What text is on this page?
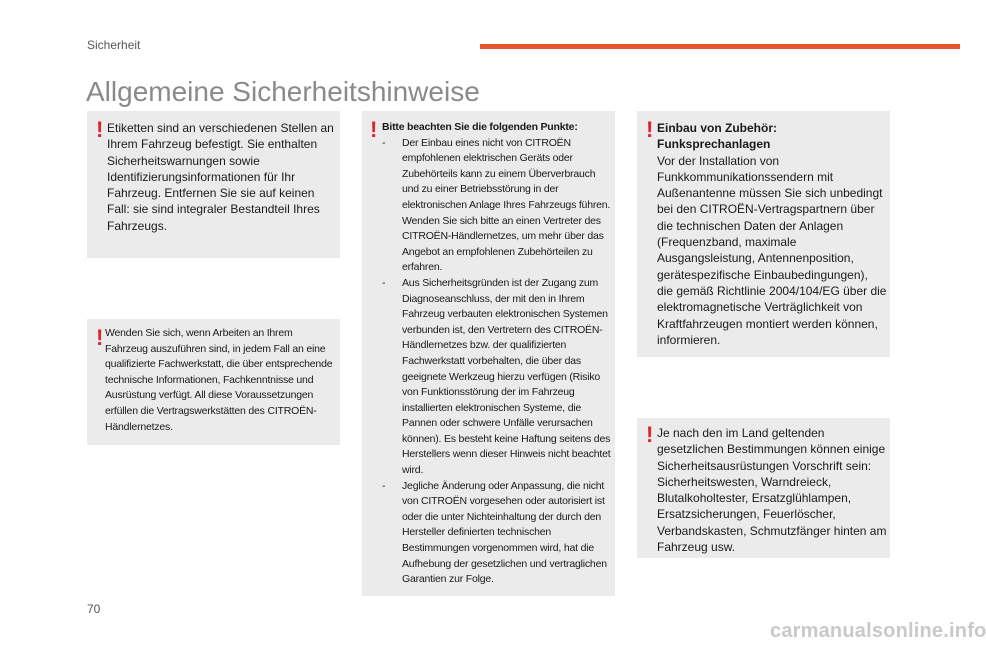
Sicherheit
Allgemeine Sicherheitshinweise
! Etiketten sind an verschiedenen Stellen an Ihrem Fahrzeug befestigt. Sie enthalten Sicherheitswarnungen sowie Identifizierungsinformationen für Ihr Fahrzeug. Entfernen Sie sie auf keinen Fall: sie sind integraler Bestandteil Ihres Fahrzeugs.
! Wenden Sie sich, wenn Arbeiten an Ihrem Fahrzeug auszuführen sind, in jedem Fall an eine qualifizierte Fachwerkstatt, die über entsprechende technische Informationen, Fachkenntnisse und Ausrüstung verfügt. All diese Voraussetzungen erfüllen die Vertragswerkstätten des CITROËN-Händlernetzes.
! Bitte beachten Sie die folgenden Punkte:
-	Der Einbau eines nicht von CITROËN empfohlenen elektrischen Geräts oder Zubehörteils kann zu einem Überverbrauch und zu einer Betriebsstörung in der elektronischen Anlage Ihres Fahrzeugs führen. Wenden Sie sich bitte an einen Vertreter des CITROËN-Händlernetzes, um mehr über das Angebot an empfohlenen Zubehörteilen zu erfahren.
-	Aus Sicherheitsgründen ist der Zugang zum Diagnoseanschluss, der mit den in Ihrem Fahrzeug verbauten elektronischen Systemen verbunden ist, den Vertretern des CITROËN-Händlernetzes bzw. der qualifizierten Fachwerkstatt vorbehalten, die über das geeignete Werkzeug hierzu verfügen (Risiko von Funktionsstörung der im Fahrzeug installierten elektronischen Systeme, die Pannen oder schwere Unfälle verursachen können). Es besteht keine Haftung seitens des Herstellers wenn dieser Hinweis nicht beachtet wird.
-	Jegliche Änderung oder Anpassung, die nicht von CITROËN vorgesehen oder autorisiert ist oder die unter Nichteinhaltung der durch den Hersteller definierten technischen Bestimmungen vorgenommen wird, hat die Aufhebung der gesetzlichen und vertraglichen Garantien zur Folge.
! Einbau von Zubehör: Funksprechanlagen
Vor der Installation von Funkkommunikationssendern mit Außenantenne müssen Sie sich unbedingt bei den CITROËN-Vertragspartnern über die technischen Daten der Anlagen (Frequenzband, maximale Ausgangsleistung, Antennenposition, gerätespezifische Einbaubedingungen), die gemäß Richtlinie 2004/104/EG über die elektromagnetische Verträglichkeit von Kraftfahrzeugen montiert werden können, informieren.
! Je nach den im Land geltenden gesetzlichen Bestimmungen können einige Sicherheitsausrüstungen Vorschrift sein: Sicherheitswesten, Warndreieck, Blutalkoholtester, Ersatzglühlampen, Ersatzsicherungen, Feuerlöscher, Verbandskasten, Schmutzfänger hinten am Fahrzeug usw.
70
carmanualsonline.info
